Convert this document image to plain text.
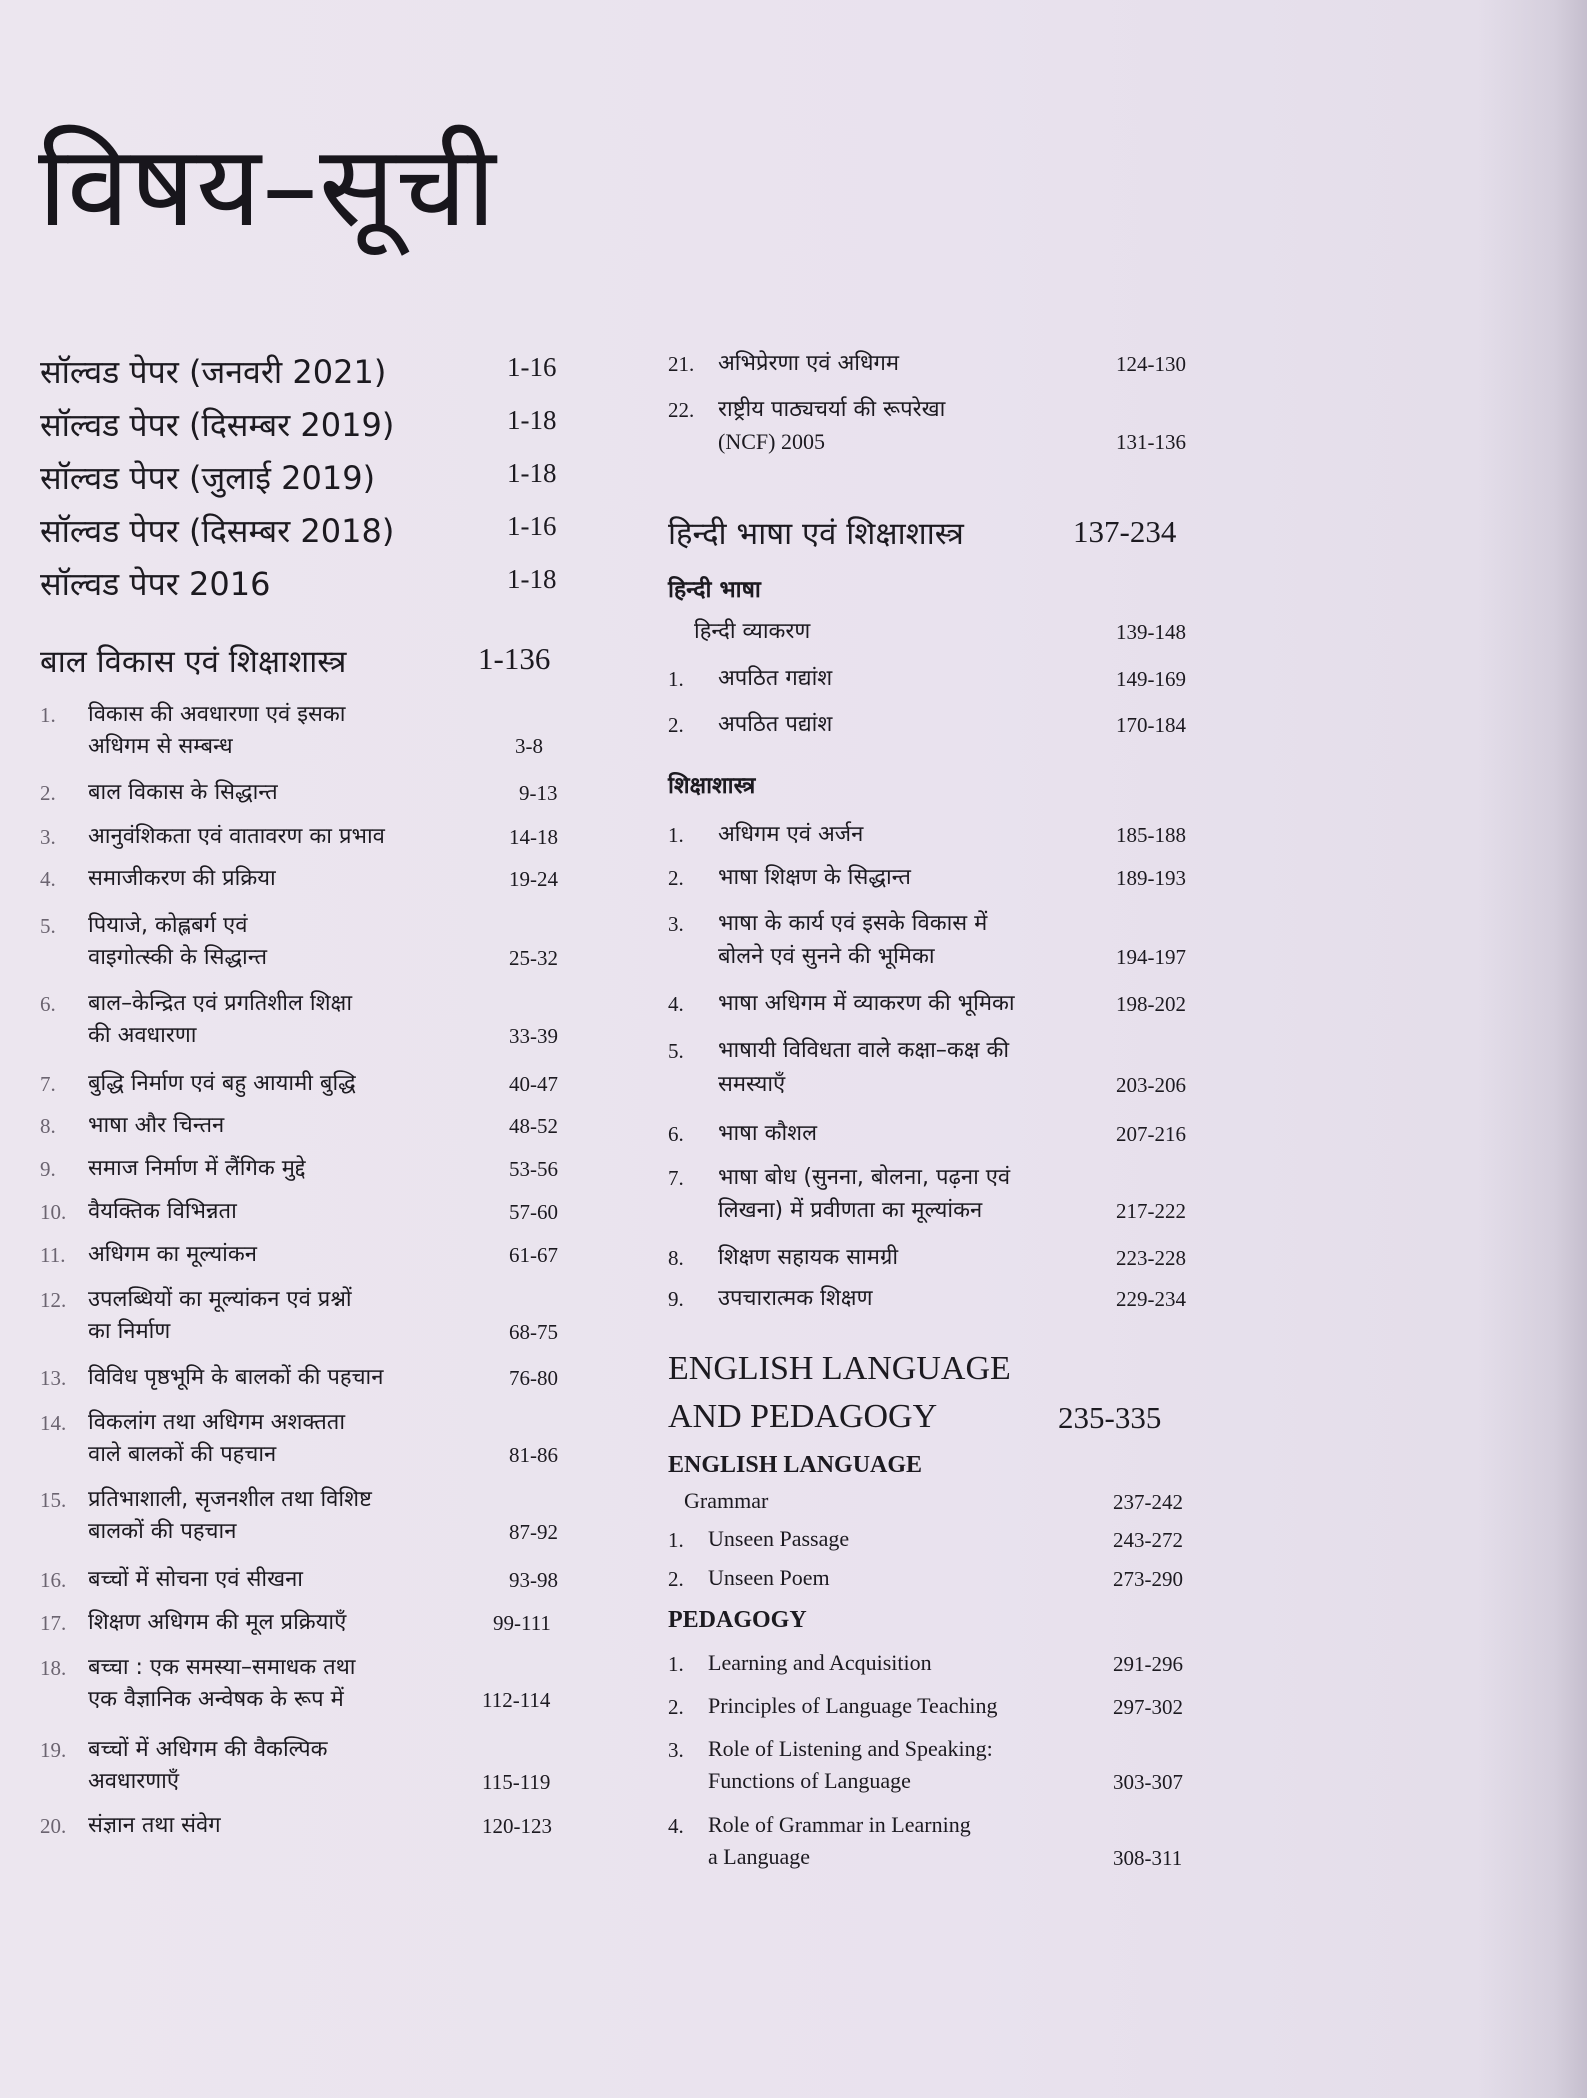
विषय–सूची
सॉल्वड पेपर (जनवरी 2021)	1-16
सॉल्वड पेपर (दिसम्बर 2019)	1-18
सॉल्वड पेपर (जुलाई 2019)	1-18
सॉल्वड पेपर (दिसम्बर 2018)	1-16
सॉल्वड पेपर 2016	1-18
बाल विकास एवं शिक्षाशास्त्र	1-136
1. विकास की अवधारणा एवं इसका
अधिगम से सम्बन्ध	3-8
2. बाल विकास के सिद्धान्त	9-13
3. आनुवंशिकता एवं वातावरण का प्रभाव	14-18
4. समाजीकरण की प्रक्रिया	19-24
5. पियाजे, कोह्लबर्ग एवं
वाइगोत्स्की के सिद्धान्त	25-32
6. बाल–केन्द्रित एवं प्रगतिशील शिक्षा
की अवधारणा	33-39
7. बुद्धि निर्माण एवं बहु आयामी बुद्धि	40-47
8. भाषा और चिन्तन	48-52
9. समाज निर्माण में लैंगिक मुद्दे	53-56
10. वैयक्तिक विभिन्नता	57-60
11. अधिगम का मूल्यांकन	61-67
12. उपलब्धियों का मूल्यांकन एवं प्रश्नों
का निर्माण	68-75
13. विविध पृष्ठभूमि के बालकों की पहचान	76-80
14. विकलांग तथा अधिगम अशक्तता
वाले बालकों की पहचान	81-86
15. प्रतिभाशाली, सृजनशील तथा विशिष्ट
बालकों की पहचान	87-92
16. बच्चों में सोचना एवं सीखना	93-98
17. शिक्षण अधिगम की मूल प्रक्रियाएँ	99-111
18. बच्चा : एक समस्या–समाधक तथा
एक वैज्ञानिक अन्वेषक के रूप में	112-114
19. बच्चों में अधिगम की वैकल्पिक
अवधारणाएँ	115-119
20. संज्ञान तथा संवेग	120-123
21. अभिप्रेरणा एवं अधिगम	124-130
22. राष्ट्रीय पाठ्यचर्या की रूपरेखा
(NCF) 2005	131-136
हिन्दी भाषा एवं शिक्षाशास्त्र	137-234
हिन्दी भाषा
हिन्दी व्याकरण	139-148
1. अपठित गद्यांश	149-169
2. अपठित पद्यांश	170-184
शिक्षाशास्त्र
1. अधिगम एवं अर्जन	185-188
2. भाषा शिक्षण के सिद्धान्त	189-193
3. भाषा के कार्य एवं इसके विकास में
बोलने एवं सुनने की भूमिका	194-197
4. भाषा अधिगम में व्याकरण की भूमिका	198-202
5. भाषायी विविधता वाले कक्षा–कक्ष की
समस्याएँ	203-206
6. भाषा कौशल	207-216
7. भाषा बोध (सुनना, बोलना, पढ़ना एवं
लिखना) में प्रवीणता का मूल्यांकन	217-222
8. शिक्षण सहायक सामग्री	223-228
9. उपचारात्मक शिक्षण	229-234
ENGLISH LANGUAGE
AND PEDAGOGY	235-335
ENGLISH LANGUAGE
Grammar	237-242
1. Unseen Passage	243-272
2. Unseen Poem	273-290
PEDAGOGY
1. Learning and Acquisition	291-296
2. Principles of Language Teaching	297-302
3. Role of Listening and Speaking:
Functions of Language	303-307
4. Role of Grammar in Learning
a Language	308-311
